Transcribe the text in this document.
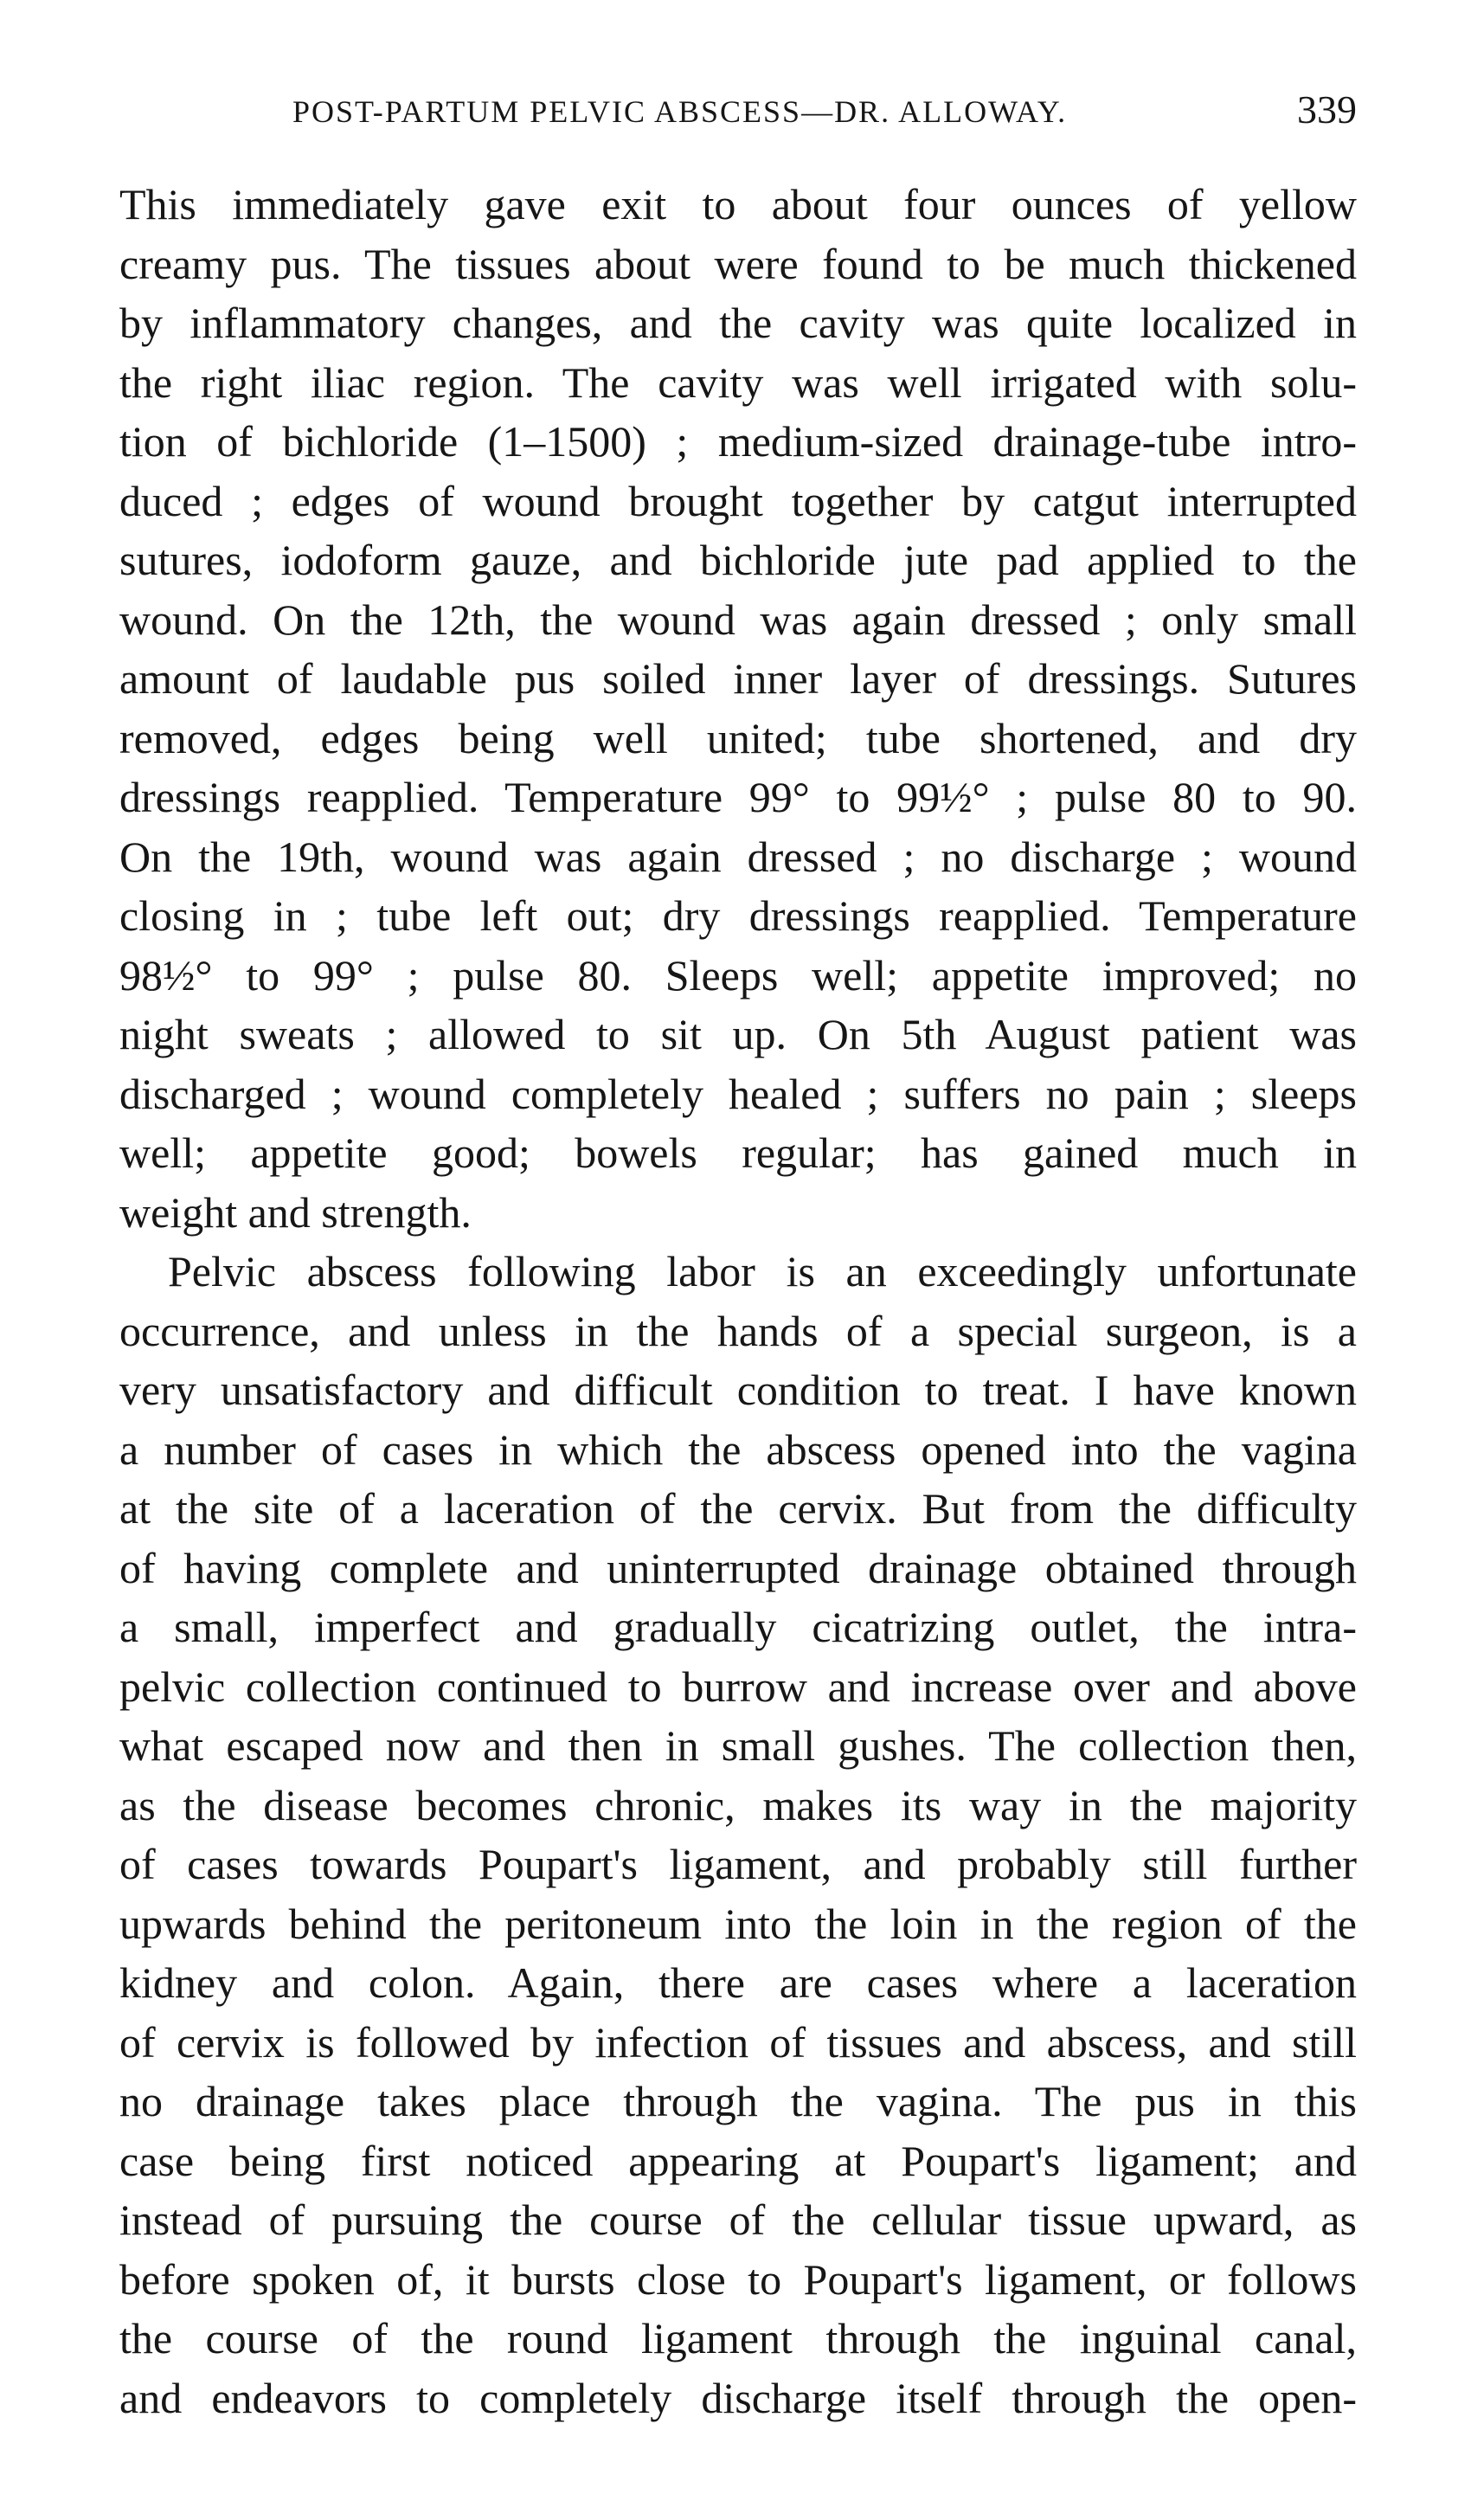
POST-PARTUM PELVIC ABSCESS—DR. ALLOWAY.	339
This immediately gave exit to about four ounces of yellow
creamy pus. The tissues about were found to be much thickened
by inflammatory changes, and the cavity was quite localized in
the right iliac region. The cavity was well irrigated with solu-
tion of bichloride (1–1500) ; medium-sized drainage-tube intro-
duced ; edges of wound brought together by catgut interrupted
sutures, iodoform gauze, and bichloride jute pad applied to the
wound. On the 12th, the wound was again dressed ; only small
amount of laudable pus soiled inner layer of dressings. Sutures
removed, edges being well united; tube shortened, and dry
dressings reapplied. Temperature 99° to 99½° ; pulse 80 to 90.
On the 19th, wound was again dressed ; no discharge ; wound
closing in ; tube left out; dry dressings reapplied. Temperature
98½° to 99° ; pulse 80. Sleeps well; appetite improved; no
night sweats ; allowed to sit up. On 5th August patient was
discharged ; wound completely healed ; suffers no pain ; sleeps
well; appetite good; bowels regular; has gained much in
weight and strength.
Pelvic abscess following labor is an exceedingly unfortunate
occurrence, and unless in the hands of a special surgeon, is a
very unsatisfactory and difficult condition to treat. I have known
a number of cases in which the abscess opened into the vagina
at the site of a laceration of the cervix. But from the difficulty
of having complete and uninterrupted drainage obtained through
a small, imperfect and gradually cicatrizing outlet, the intra-
pelvic collection continued to burrow and increase over and above
what escaped now and then in small gushes. The collection then,
as the disease becomes chronic, makes its way in the majority
of cases towards Poupart's ligament, and probably still further
upwards behind the peritoneum into the loin in the region of the
kidney and colon. Again, there are cases where a laceration
of cervix is followed by infection of tissues and abscess, and still
no drainage takes place through the vagina. The pus in this
case being first noticed appearing at Poupart's ligament; and
instead of pursuing the course of the cellular tissue upward, as
before spoken of, it bursts close to Poupart's ligament, or follows
the course of the round ligament through the inguinal canal,
and endeavors to completely discharge itself through the open-
